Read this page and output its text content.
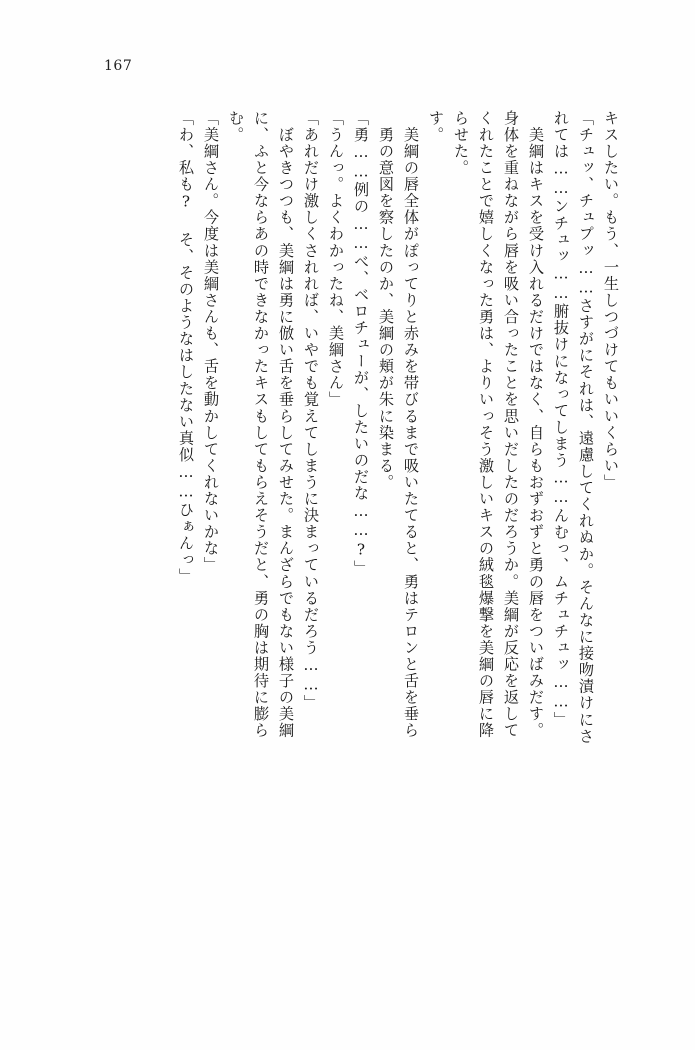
167
キスしたい。もう、一生しつづけてもいいくらい」
「チュッ、チュプッ……さすがにそれは、遠慮してくれぬか。そんなに接吻漬けにさ
れては……ンチュッ……腑抜けになってしまう……んむっ、ムチュチュッ……」
　美綱はキスを受け入れるだけではなく、自らもおずおずと勇の唇をついばみだす。
身体を重ねながら唇を吸い合ったことを思いだしたのだろうか。美綱が反応を返して
くれたことで嬉しくなった勇は、よりいっそう激しいキスの絨毯爆撃を美綱の唇に降
らせた。
す。
　美綱の唇全体がぽってりと赤みを帯びるまで吸いたてると、勇はテロンと舌を垂ら
　勇の意図を察したのか、美綱の頬が朱に染まる。
「勇……例の……べ、ベロチューが、したいのだな……?」
「うんっ。よくわかったね、美綱さん」
「あれだけ激しくされれば、いやでも覚えてしまうに決まっているだろう……」
　ぼやきつつも、美綱は勇に倣い舌を垂らしてみせた。まんざらでもない様子の美綱
に、ふと今ならあの時できなかったキスもしてもらえそうだと、勇の胸は期待に膨ら
む。
「美綱さん。今度は美綱さんも、舌を動かしてくれないかな」
「わ、私も? そ、そのようなはしたない真似……ひぁんっ」
